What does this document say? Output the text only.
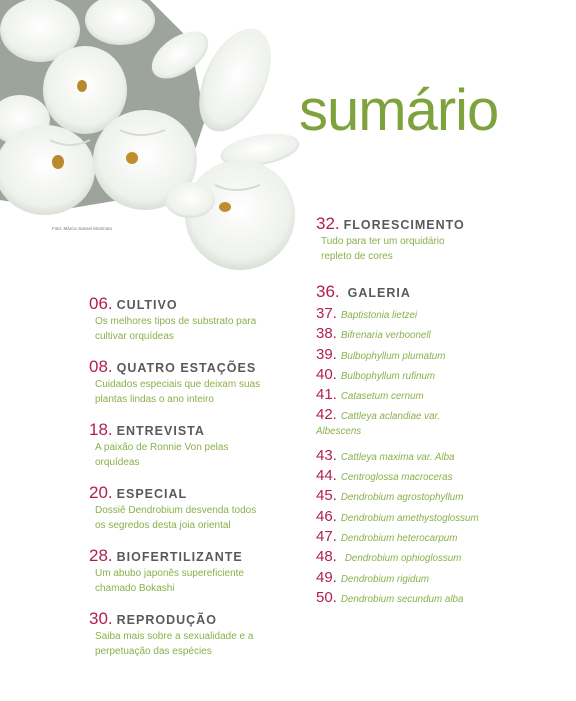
Foto: Márcio Sansei Morimoto
sumário
06. CULTIVO
Os melhores tipos de substrato para
cultivar orquídeas
08. QUATRO ESTAÇÕES
Cuidados especiais que deixam suas
plantas lindas o ano inteiro
18. ENTREVISTA
A paixão de Ronnie Von pelas
orquídeas
20. ESPECIAL
Dossiê Dendrobium desvenda todos
os segredos desta joia oriental
28. BIOFERTILIZANTE
Um abubo japonês supereficiente
chamado Bokashi
30. REPRODUÇÃO
Saiba mais sobre a sexualidade e a
perpetuação das espécies
32. FLORESCIMENTO
Tudo para ter um orquidário
repleto de cores
36. GALERIA
37. Baptistonia lietzei
38. Bifrenaria verboonell
39. Bulbophyllum plumatum
40. Bulbophyllum rufinum
41. Catasetum cernum
42. Cattleya aclandiae var.
Albescens
43. Cattleya maxima var. Alba
44. Centroglossa macroceras
45. Dendrobium agrostophyllum
46. Dendrobium amethystoglossum
47. Dendrobium heterocarpum
48. Dendrobium ophioglossum
49. Dendrobium rigidum
50. Dendrobium secundum alba
